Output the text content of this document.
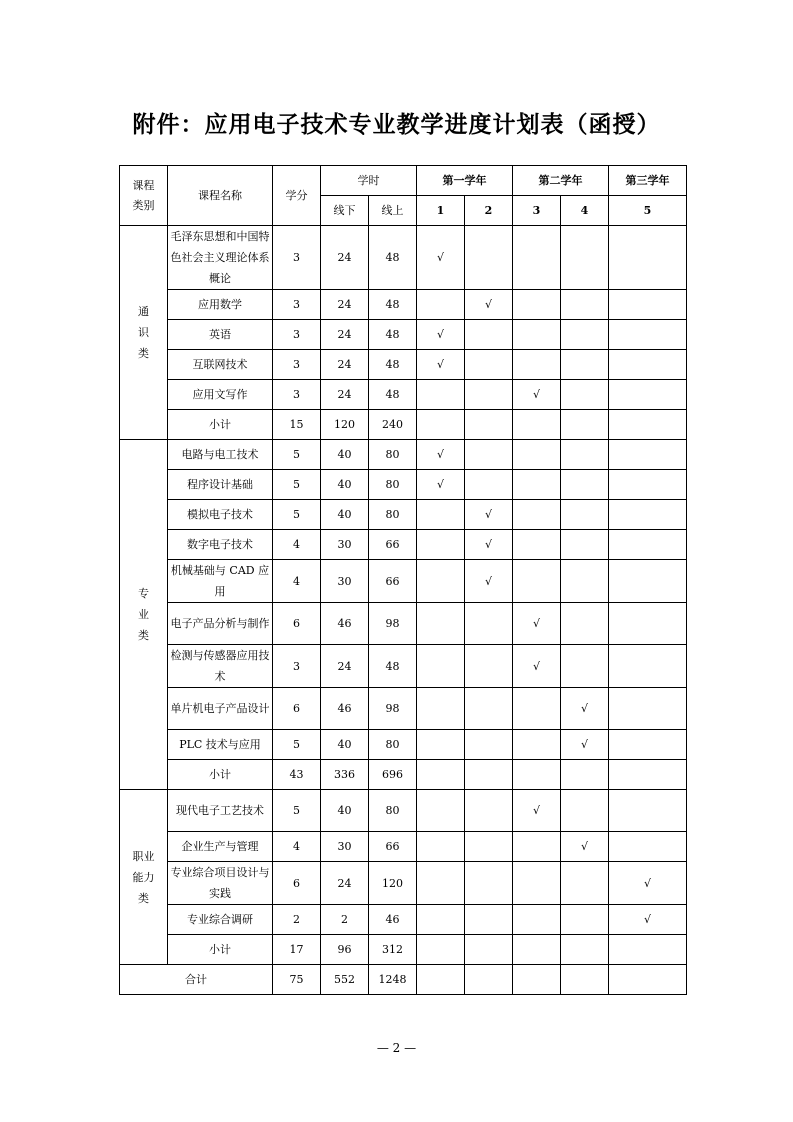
附件：应用电子技术专业教学进度计划表（函授）
课程
类别	课程名称	学分	学时		第一学年		第二学年		第三学年
			线下	线上	1	2	3	4	5
通
识
类	毛泽东思想和中国特色社会主义理论体系概论	3	24	48	√				
	应用数学	3	24	48		√			
	英语	3	24	48	√				
	互联网技术	3	24	48	√				
	应用文写作	3	24	48			√		
	小计	15	120	240					
专
业
类	电路与电工技术	5	40	80	√				
	程序设计基础	5	40	80	√				
	模拟电子技术	5	40	80		√			
	数字电子技术	4	30	66		√			
	机械基础与 CAD 应用	4	30	66		√			
	电子产品分析与制作	6	46	98			√		
	检测与传感器应用技术	3	24	48			√		
	单片机电子产品设计	6	46	98				√	
	PLC 技术与应用	5	40	80				√	
	小计	43	336	696					
职业
能力
类	现代电子工艺技术	5	40	80			√		
	企业生产与管理	4	30	66				√	
	专业综合项目设计与实践	6	24	120					√
	专业综合调研	2	2	46					√
	小计	17	96	312					
合计		75	552	1248					
— 2 —
